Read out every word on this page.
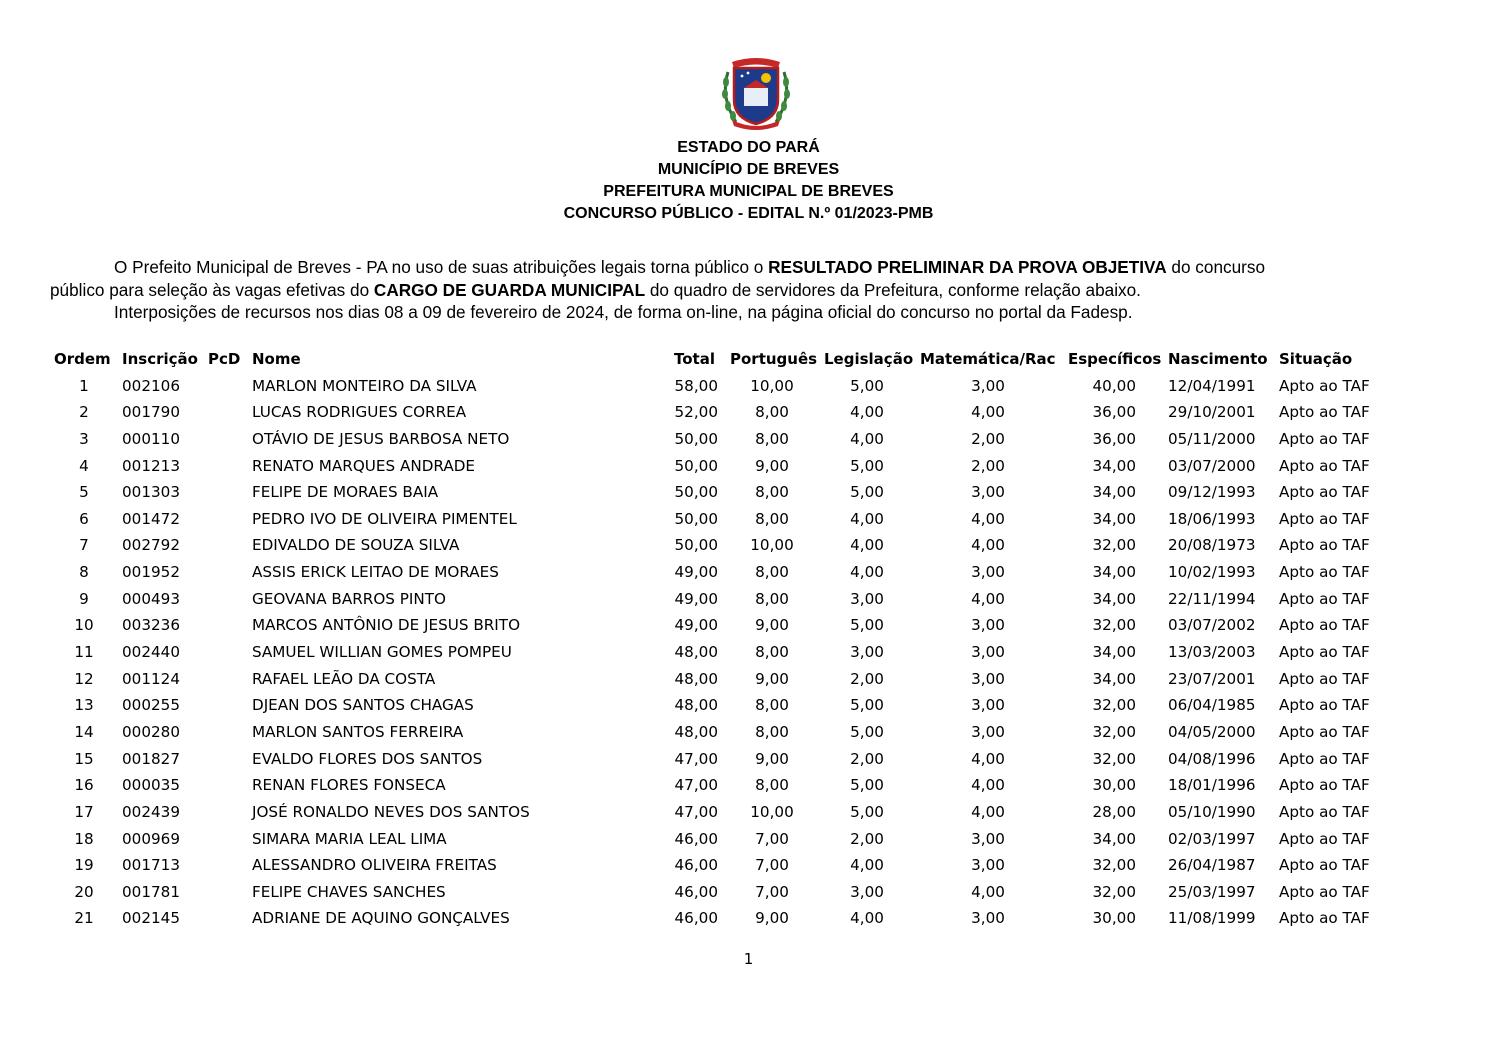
ESTADO DO PARÁ
MUNICÍPIO DE BREVES
PREFEITURA MUNICIPAL DE BREVES
CONCURSO PÚBLICO - EDITAL N.º 01/2023-PMB

O Prefeito Municipal de Breves - PA no uso de suas atribuições legais torna público o RESULTADO PRELIMINAR DA PROVA OBJETIVA do concurso

público para seleção às vagas efetivas do CARGO DE GUARDA MUNICIPAL do quadro de servidores da Prefeitura, conforme relação abaixo.

Interposições de recursos nos dias 08 a 09 de fevereiro de 2024, de forma on-line, na página oficial do concurso no portal da Fadesp.

Ordem Inscrição PcD Nome	Total Português Legislação Matemática/Rac Específicos Nascimento Situação
1	002106	MARLON MONTEIRO DA SILVA	58,00	10,00	5,00	3,00	40,00 12/04/1991 Apto ao TAF
2	001790	LUCAS RODRIGUES CORREA	52,00	8,00	4,00	4,00	36,00 29/10/2001 Apto ao TAF
3	000110	OTÁVIO DE JESUS BARBOSA NETO	50,00	8,00	4,00	2,00	36,00 05/11/2000 Apto ao TAF
4	001213	RENATO MARQUES ANDRADE	50,00	9,00	5,00	2,00	34,00 03/07/2000 Apto ao TAF
5	001303	FELIPE DE MORAES BAIA	50,00	8,00	5,00	3,00	34,00 09/12/1993 Apto ao TAF
6	001472	PEDRO IVO DE OLIVEIRA PIMENTEL	50,00	8,00	4,00	4,00	34,00 18/06/1993 Apto ao TAF
7	002792	EDIVALDO DE SOUZA SILVA	50,00	10,00	4,00	4,00	32,00 20/08/1973 Apto ao TAF
8	001952	ASSIS ERICK LEITAO DE MORAES	49,00	8,00	4,00	3,00	34,00 10/02/1993 Apto ao TAF
9	000493	GEOVANA BARROS PINTO	49,00	8,00	3,00	4,00	34,00 22/11/1994 Apto ao TAF
10	003236	MARCOS ANTÔNIO DE JESUS BRITO	49,00	9,00	5,00	3,00	32,00 03/07/2002 Apto ao TAF
11	002440	SAMUEL WILLIAN GOMES POMPEU	48,00	8,00	3,00	3,00	34,00 13/03/2003 Apto ao TAF
12	001124	RAFAEL LEÃO DA COSTA	48,00	9,00	2,00	3,00	34,00 23/07/2001 Apto ao TAF
13	000255	DJEAN DOS SANTOS CHAGAS	48,00	8,00	5,00	3,00	32,00 06/04/1985 Apto ao TAF
14	000280	MARLON SANTOS FERREIRA	48,00	8,00	5,00	3,00	32,00 04/05/2000 Apto ao TAF
15	001827	EVALDO FLORES DOS SANTOS	47,00	9,00	2,00	4,00	32,00 04/08/1996 Apto ao TAF
16	000035	RENAN FLORES FONSECA	47,00	8,00	5,00	4,00	30,00 18/01/1996 Apto ao TAF
17	002439	JOSÉ RONALDO NEVES DOS SANTOS	47,00	10,00	5,00	4,00	28,00 05/10/1990 Apto ao TAF
18	000969	SIMARA MARIA LEAL LIMA	46,00	7,00	2,00	3,00	34,00 02/03/1997 Apto ao TAF
19	001713	ALESSANDRO OLIVEIRA FREITAS	46,00	7,00	4,00	3,00	32,00 26/04/1987 Apto ao TAF
20	001781	FELIPE CHAVES SANCHES	46,00	7,00	3,00	4,00	32,00 25/03/1997 Apto ao TAF
21	002145	ADRIANE DE AQUINO GONÇALVES	46,00	9,00	4,00	3,00	30,00 11/08/1999 Apto ao TAF
1
